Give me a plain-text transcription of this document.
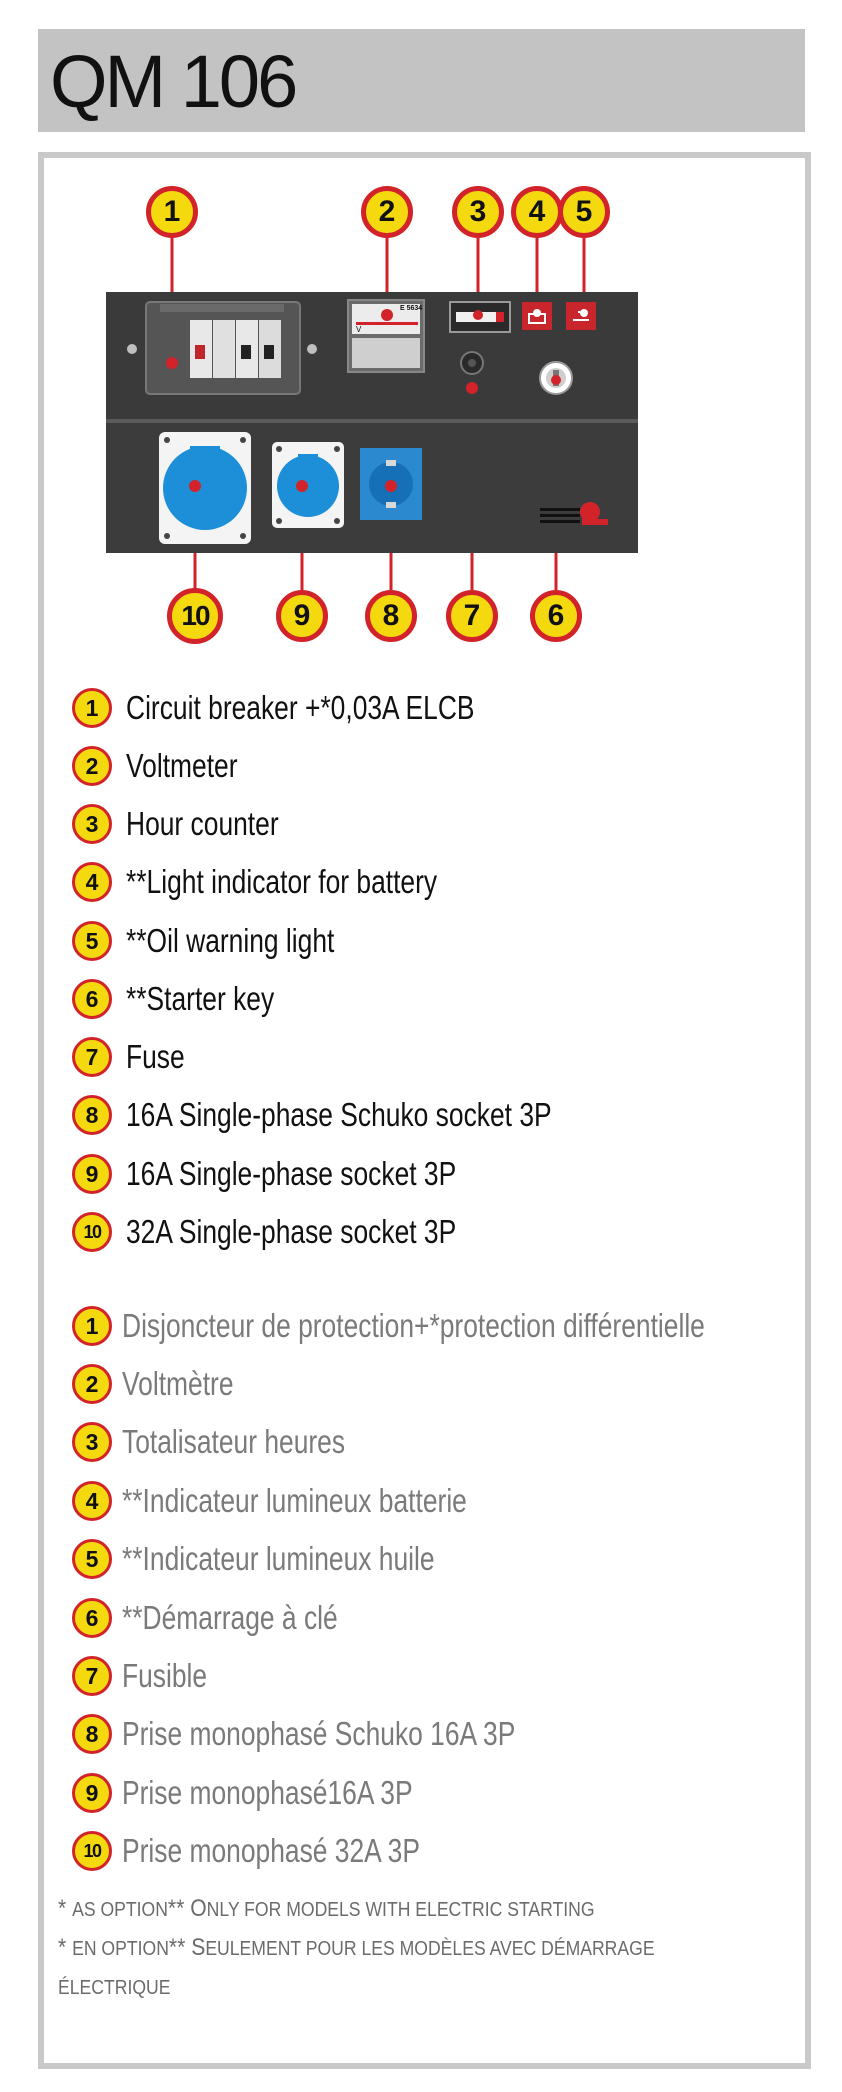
QM 106
E 5634
V
1	2	3	4	5
10	9	8	7	6
1 Circuit breaker +*0,03A ELCB
2 Voltmeter
3 Hour counter
4 **Light indicator for battery
5 **Oil warning light
6 **Starter key
7 Fuse
8 16A Single-phase Schuko socket 3P
9 16A Single-phase socket 3P
10 32A Single-phase socket 3P
1 Disjoncteur de protection+*protection différentielle
2 Voltmètre
3 Totalisateur heures
4 **Indicateur lumineux batterie
5 **Indicateur lumineux huile
6 **Démarrage à clé
7 Fusible
8 Prise monophasé Schuko 16A 3P
9 Prise monophasé16A 3P
10 Prise monophasé 32A 3P
* AS OPTION** ONLY FOR MODELS WITH ELECTRIC STARTING
* EN OPTION** SEULEMENT POUR LES MODÈLES AVEC DÉMARRAGE
ÉLECTRIQUE
